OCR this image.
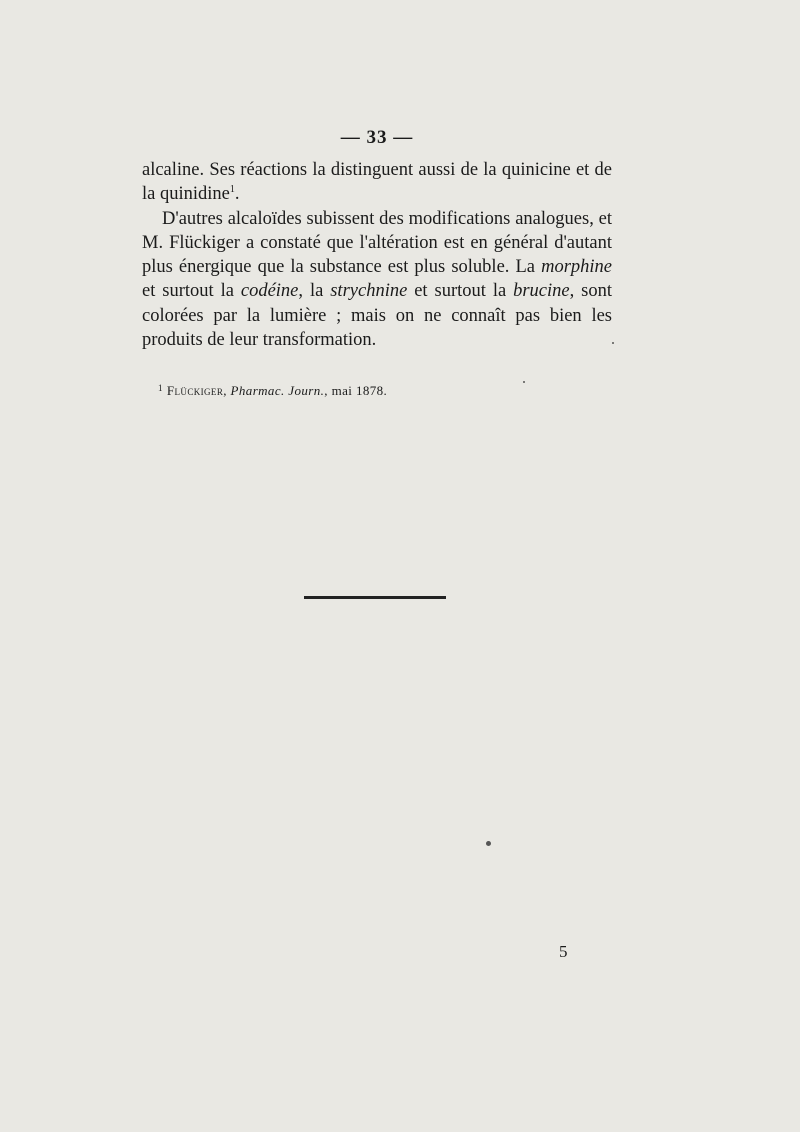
— 33 —

alcaline. Ses réactions la distinguent aussi de la quinicine et de la quinidine$^1$.

D'autres alcaloïdes subissent des modifications analogues, et M. Flückiger a constaté que l'altération est en général d'autant plus énergique que la substance est plus soluble. La morphine et surtout la codéine, la strychnine et surtout la brucine, sont colorées par la lumière ; mais on ne connaît pas bien les produits de leur transformation.

$^1$ Flückiger, Pharmac. Journ., mai 1878.
5
